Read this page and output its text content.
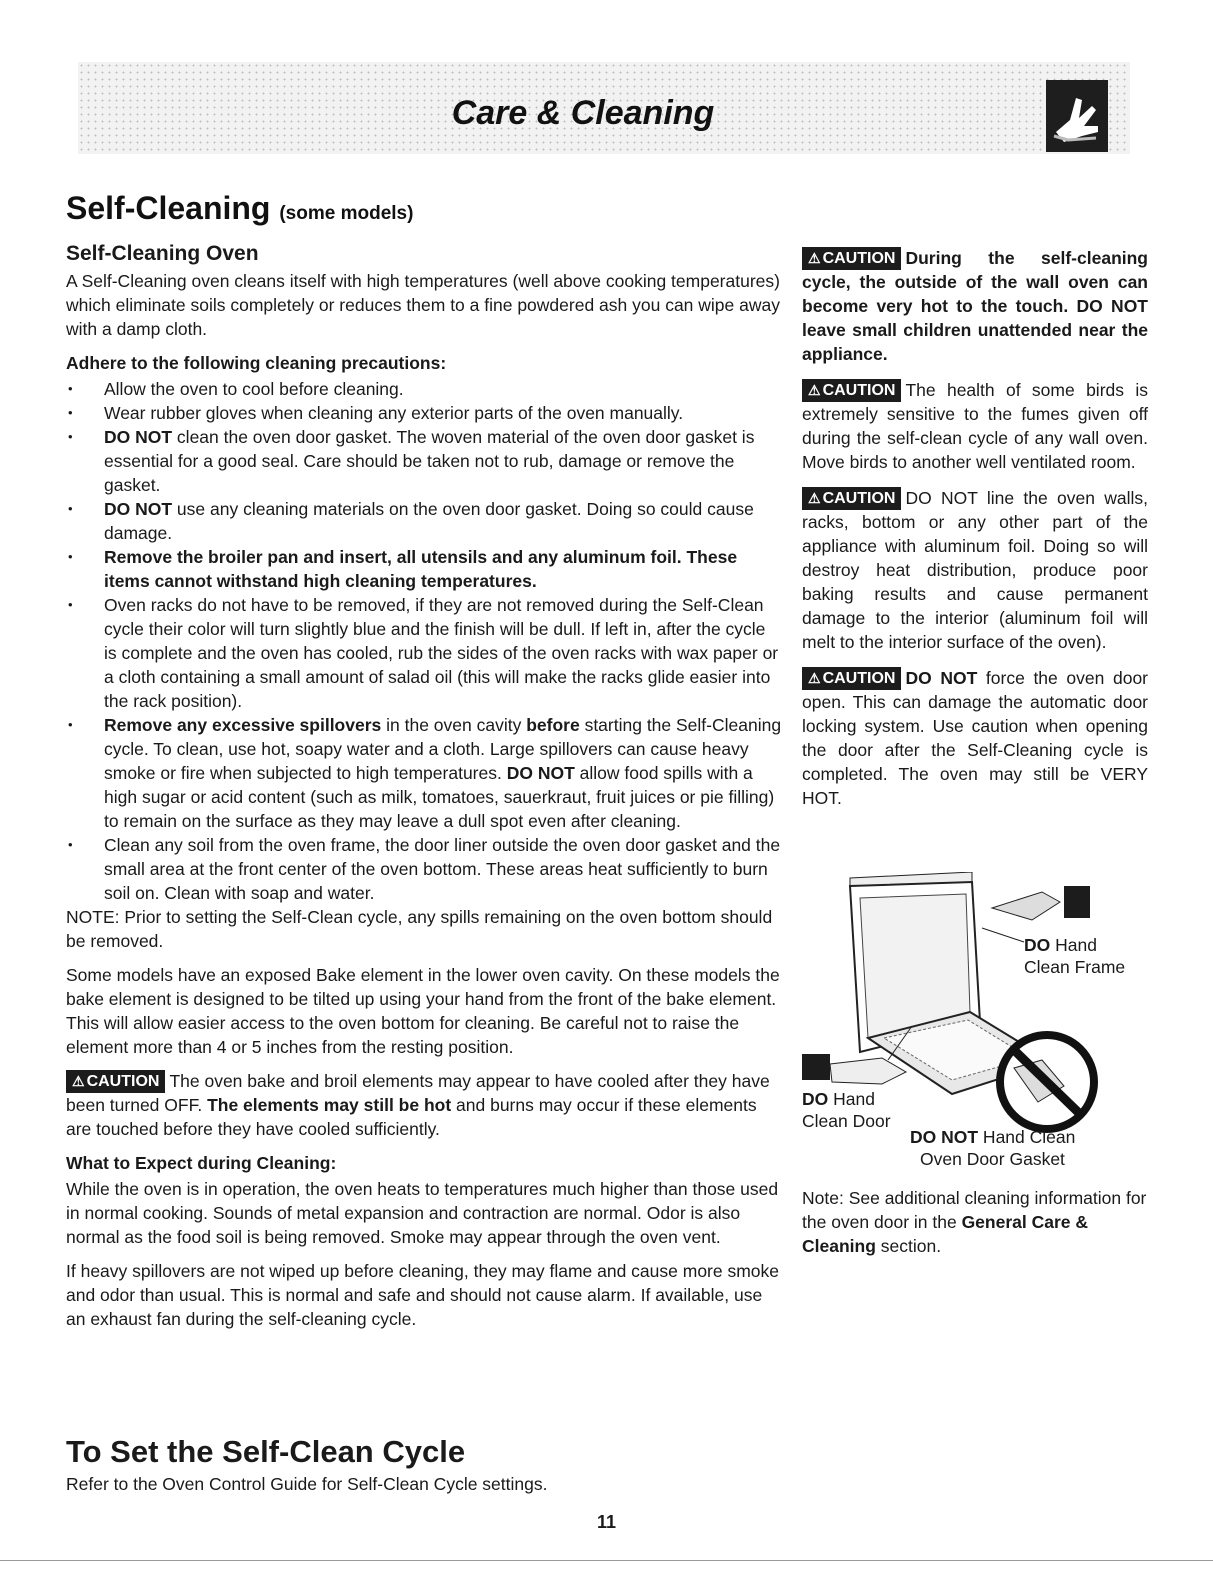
Care & Cleaning
Self-Cleaning (some models)
Self-Cleaning Oven

A Self-Cleaning oven cleans itself with high temperatures (well above cooking temperatures) which eliminate soils completely or reduces them to a fine powdered ash you can wipe away with a damp cloth.

Adhere to the following cleaning precautions:
• Allow the oven to cool before cleaning.
• Wear rubber gloves when cleaning any exterior parts of the oven manually.
• DO NOT clean the oven door gasket. The woven material of the oven door gasket is essential for a good seal. Care should be taken not to rub, damage or remove the gasket.
• DO NOT use any cleaning materials on the oven door gasket. Doing so could cause damage.
• Remove the broiler pan and insert, all utensils and any aluminum foil. These items cannot withstand high cleaning temperatures.
• Oven racks do not have to be removed, if they are not removed during the Self-Clean cycle their color will turn slightly blue and the finish will be dull. If left in, after the cycle is complete and the oven has cooled, rub the sides of the oven racks with wax paper or a cloth containing a small amount of salad oil (this will make the racks glide easier into the rack position).
• Remove any excessive spillovers in the oven cavity before starting the Self-Cleaning cycle. To clean, use hot, soapy water and a cloth. Large spillovers can cause heavy smoke or fire when subjected to high temperatures. DO NOT allow food spills with a high sugar or acid content (such as milk, tomatoes, sauerkraut, fruit juices or pie filling) to remain on the surface as they may leave a dull spot even after cleaning.
• Clean any soil from the oven frame, the door liner outside the oven door gasket and the small area at the front center of the oven bottom. These areas heat sufficiently to burn soil on. Clean with soap and water.

NOTE: Prior to setting the Self-Clean cycle, any spills remaining on the oven bottom should be removed.

Some models have an exposed Bake element in the lower oven cavity. On these models the bake element is designed to be tilted up using your hand from the front of the bake element. This will allow easier access to the oven bottom for cleaning. Be careful not to raise the element more than 4 or 5 inches from the resting position.

⚠ CAUTION The oven bake and broil elements may appear to have cooled after they have been turned OFF. The elements may still be hot and burns may occur if these elements are touched before they have cooled sufficiently.

What to Expect during Cleaning:

While the oven is in operation, the oven heats to temperatures much higher than those used in normal cooking. Sounds of metal expansion and contraction are normal. Odor is also normal as the food soil is being removed. Smoke may appear through the oven vent.

If heavy spillovers are not wiped up before cleaning, they may flame and cause more smoke and odor than usual. This is normal and safe and should not cause alarm. If available, use an exhaust fan during the self-cleaning cycle.

⚠ CAUTION During the self-cleaning cycle, the outside of the wall oven can become very hot to the touch. DO NOT leave small children unattended near the appliance.
⚠ CAUTION The health of some birds is extremely sensitive to the fumes given off during the self-clean cycle of any wall oven. Move birds to another well ventilated room.
⚠ CAUTION DO NOT line the oven walls, racks, bottom or any other part of the appliance with aluminum foil. Doing so will destroy heat distribution, produce poor baking results and cause permanent damage to the interior (aluminum foil will melt to the interior surface of the oven).
⚠ CAUTION DO NOT force the oven door open. This can damage the automatic door locking system. Use caution when opening the door after the Self-Cleaning cycle is completed. The oven may still be VERY HOT.
DO Hand
Clean Frame
DO Hand
Clean Door
DO NOT Hand Clean
Oven Door Gasket
Note: See additional cleaning information for the oven door in the General Care & Cleaning section.
To Set the Self-Clean Cycle
Refer to the Oven Control Guide for Self-Clean Cycle settings.
11
